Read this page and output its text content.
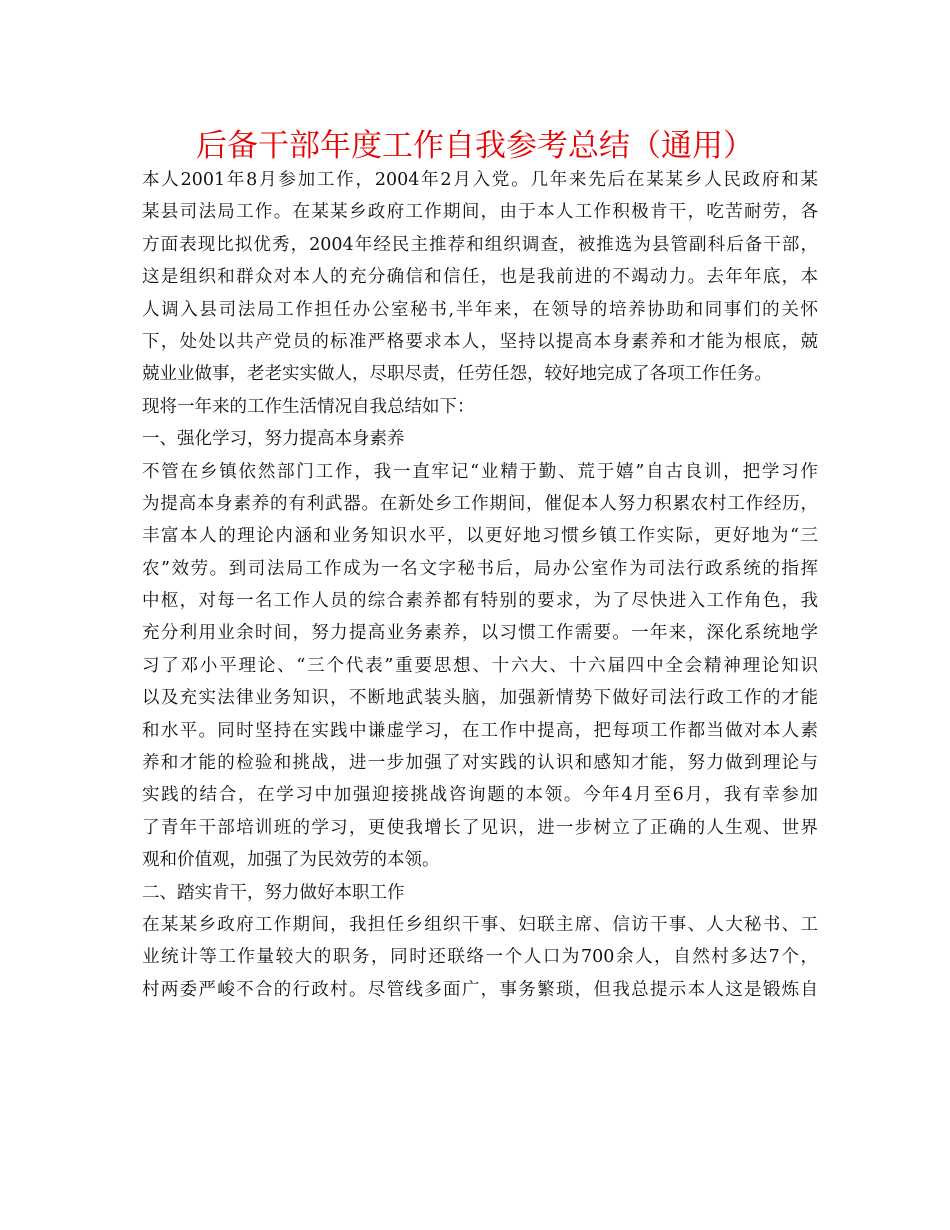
后备干部年度工作自我参考总结（通用）
本人2001年8月参加工作，2004年2月入党。几年来先后在某某乡人民政府和某
某县司法局工作。在某某乡政府工作期间，由于本人工作积极肯干，吃苦耐劳，各
方面表现比拟优秀，2004年经民主推荐和组织调查，被推选为县管副科后备干部，
这是组织和群众对本人的充分确信和信任，也是我前进的不竭动力。去年年底，本
人调入县司法局工作担任办公室秘书,半年来，在领导的培养协助和同事们的关怀
下，处处以共产党员的标准严格要求本人，坚持以提高本身素养和才能为根底，兢
兢业业做事，老老实实做人，尽职尽责，任劳任怨，较好地完成了各项工作任务。
现将一年来的工作生活情况自我总结如下：
一、强化学习，努力提高本身素养
不管在乡镇依然部门工作，我一直牢记“业精于勤、荒于嬉”自古良训，把学习作
为提高本身素养的有利武器。在新处乡工作期间，催促本人努力积累农村工作经历，
丰富本人的理论内涵和业务知识水平，以更好地习惯乡镇工作实际，更好地为“三
农”效劳。到司法局工作成为一名文字秘书后，局办公室作为司法行政系统的指挥
中枢，对每一名工作人员的综合素养都有特别的要求，为了尽快进入工作角色，我
充分利用业余时间，努力提高业务素养，以习惯工作需要。一年来，深化系统地学
习了邓小平理论、“三个代表”重要思想、十六大、十六届四中全会精神理论知识
以及充实法律业务知识，不断地武装头脑，加强新情势下做好司法行政工作的才能
和水平。同时坚持在实践中谦虚学习，在工作中提高，把每项工作都当做对本人素
养和才能的检验和挑战，进一步加强了对实践的认识和感知才能，努力做到理论与
实践的结合，在学习中加强迎接挑战咨询题的本领。今年4月至6月，我有幸参加
了青年干部培训班的学习，更使我增长了见识，进一步树立了正确的人生观、世界
观和价值观，加强了为民效劳的本领。
二、踏实肯干，努力做好本职工作
在某某乡政府工作期间，我担任乡组织干事、妇联主席、信访干事、人大秘书、工
业统计等工作量较大的职务，同时还联络一个人口为700余人，自然村多达7个，
村两委严峻不合的行政村。尽管线多面广，事务繁琐，但我总提示本人这是锻炼自
